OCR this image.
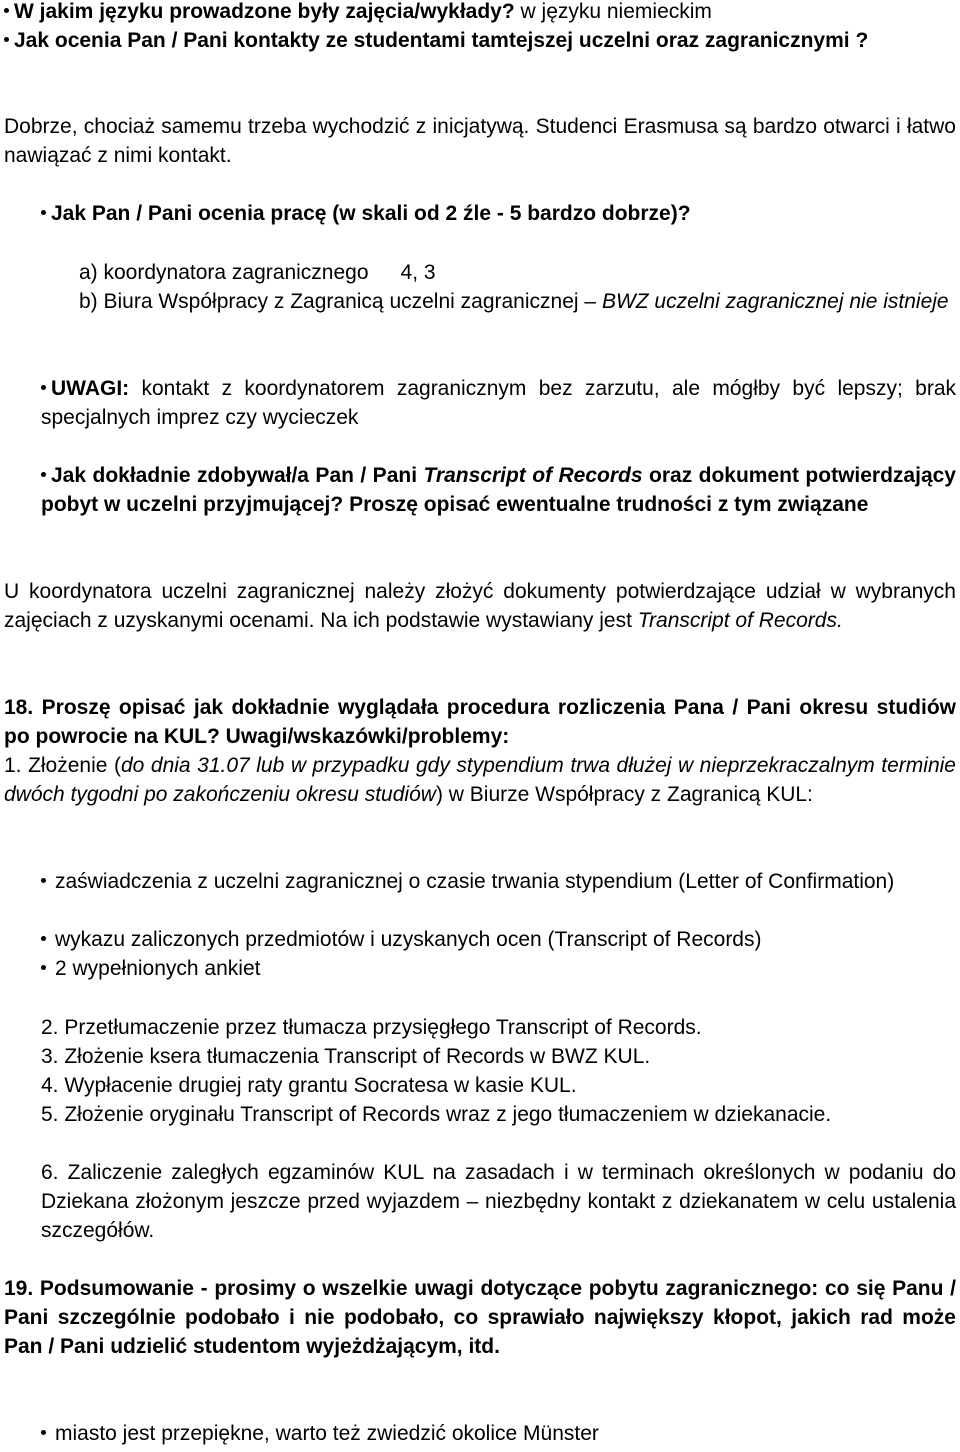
W jakim języku prowadzone były zajęcia/wykłady? w języku niemieckim

Jak ocenia Pan / Pani kontakty ze studentami tamtejszej uczelni oraz zagranicznymi ?

Dobrze, chociaż samemu trzeba wychodzić z inicjatywą. Studenci Erasmusa są bardzo otwarci i łatwo nawiązać z nimi kontakt.

Jak Pan / Pani ocenia pracę (w skali od 2 źle - 5 bardzo dobrze)?

a) koordynatora zagranicznego 4, 3

b) Biura Współpracy z Zagranicą uczelni zagranicznej – BWZ uczelni zagranicznej nie istnieje

UWAGI: kontakt z koordynatorem zagranicznym bez zarzutu, ale mógłby być lepszy; brak specjalnych imprez czy wycieczek

Jak dokładnie zdobywał/a Pan / Pani Transcript of Records oraz dokument potwierdzający pobyt w uczelni przyjmującej? Proszę opisać ewentualne trudności z tym związane

U koordynatora uczelni zagranicznej należy złożyć dokumenty potwierdzające udział w wybranych zajęciach z uzyskanymi ocenami. Na ich podstawie wystawiany jest Transcript of Records.

18. Proszę opisać jak dokładnie wyglądała procedura rozliczenia Pana / Pani okresu studiów po powrocie na KUL? Uwagi/wskazówki/problemy:

1. Złożenie (do dnia 31.07 lub w przypadku gdy stypendium trwa dłużej w nieprzekraczalnym terminie dwóch tygodni po zakończeniu okresu studiów) w Biurze Współpracy z Zagranicą KUL:

zaświadczenia z uczelni zagranicznej o czasie trwania stypendium (Letter of Confirmation)

wykazu zaliczonych przedmiotów i uzyskanych ocen (Transcript of Records)

2 wypełnionych ankiet

2. Przetłumaczenie przez tłumacza przysięgłego Transcript of Records.

3. Złożenie ksera tłumaczenia Transcript of Records w BWZ KUL.

4. Wypłacenie drugiej raty grantu Socratesa w kasie KUL.

5. Złożenie oryginału Transcript of Records wraz z jego tłumaczeniem w dziekanacie.

6. Zaliczenie zaległych egzaminów KUL na zasadach i w terminach określonych w podaniu do Dziekana złożonym jeszcze przed wyjazdem – niezbędny kontakt z dziekanatem w celu ustalenia szczegółów.

19. Podsumowanie - prosimy o wszelkie uwagi dotyczące pobytu zagranicznego: co się Panu / Pani szczególnie podobało i nie podobało, co sprawiało największy kłopot, jakich rad może Pan / Pani udzielić studentom wyjeżdżającym, itd.

miasto jest przepiękne, warto też zwiedzić okolice Münster
